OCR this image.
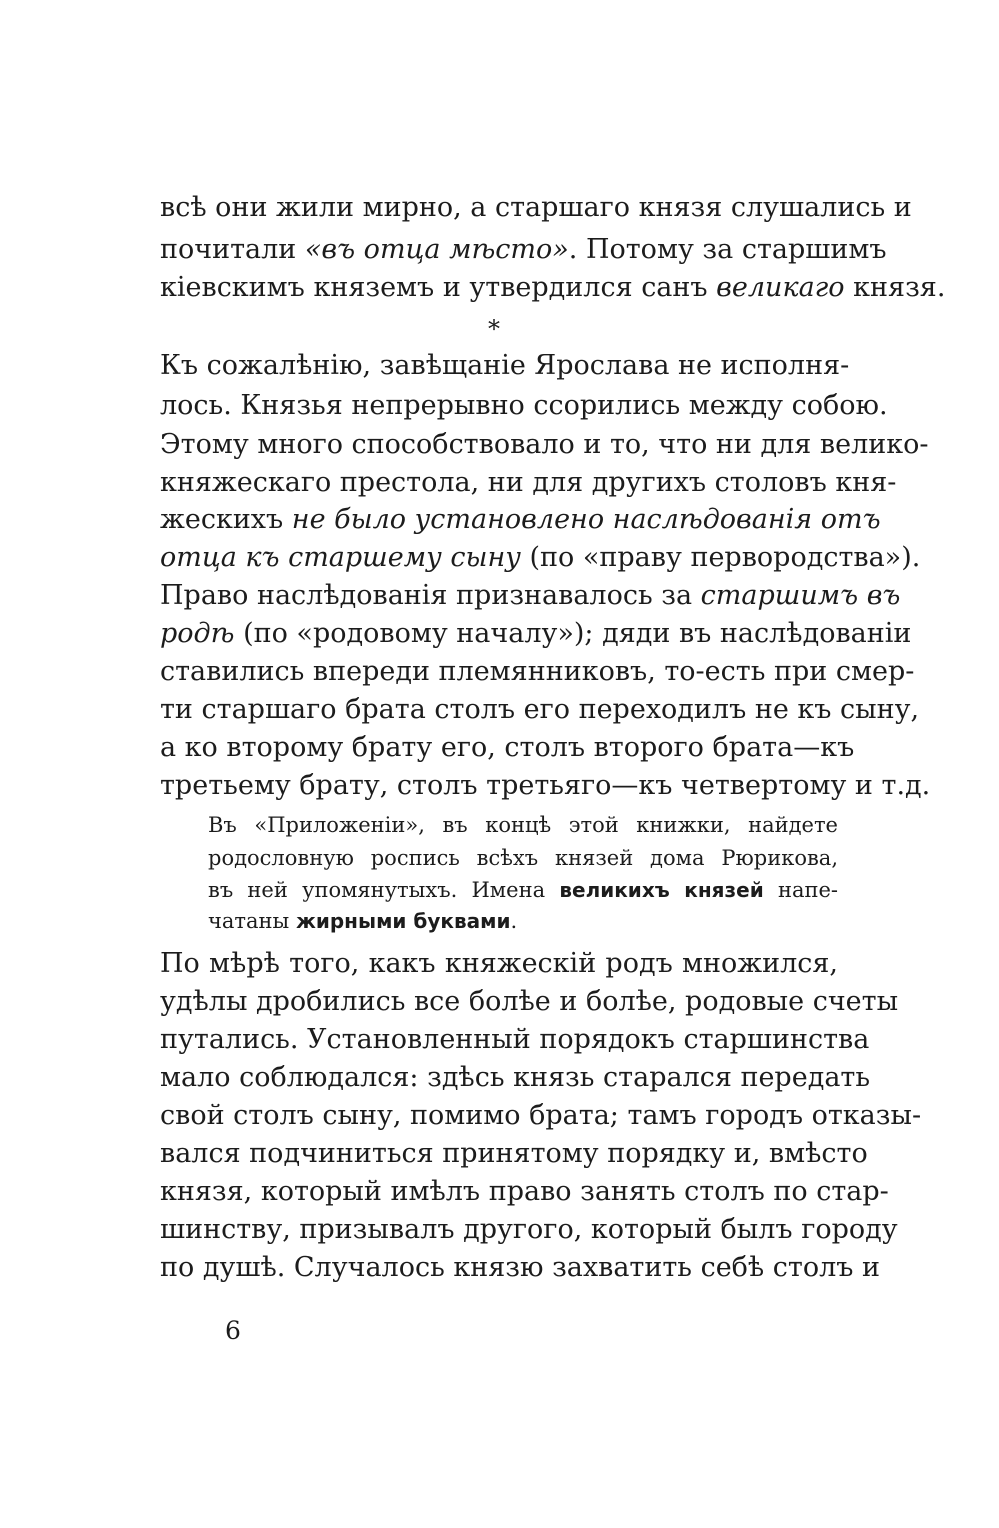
всѣ они жили мирно, а старшаго князя слушались и
почитали «въ отца мѣсто». Потому за старшимъ
кіевскимъ княземъ и утвердился санъ великаго князя.
*
Къ сожалѣнію, завѣщаніе Ярослава не исполня-
лось. Князья непрерывно ссорились между собою.
Этому много способствовало и то, что ни для велико-
княжескаго престола, ни для другихъ столовъ кня-
жескихъ не было установлено наслѣдованія отъ
отца къ старшему сыну (по «праву первородства»).
Право наслѣдованія признавалось за старшимъ въ
родѣ (по «родовому началу»); дяди въ наслѣдованіи
ставились впереди племянниковъ, то-есть при смер-
ти старшаго брата столъ его переходилъ не къ сыну,
а ко второму брату его, столъ второго брата—къ
третьему брату, столъ третьяго—къ четвертому и т.д.
Въ «Приложеніи», въ концѣ этой книжки, найдете
родословную роспись всѣхъ князей дома Рюрикова,
въ ней упомянутыхъ. Имена великихъ князей напе-
чатаны жирными буквами.
По мѣрѣ того, какъ княжескій родъ множился,
удѣлы дробились все болѣе и болѣе, родовые счеты
путались. Установленный порядокъ старшинства
мало соблюдался: здѣсь князь старался передать
свой столъ сыну, помимо брата; тамъ городъ отказы-
вался подчиниться принятому порядку и, вмѣсто
князя, который имѣлъ право занять столъ по стар-
шинству, призывалъ другого, который былъ городу
по душѣ. Случалось князю захватить себѣ столъ и
6
